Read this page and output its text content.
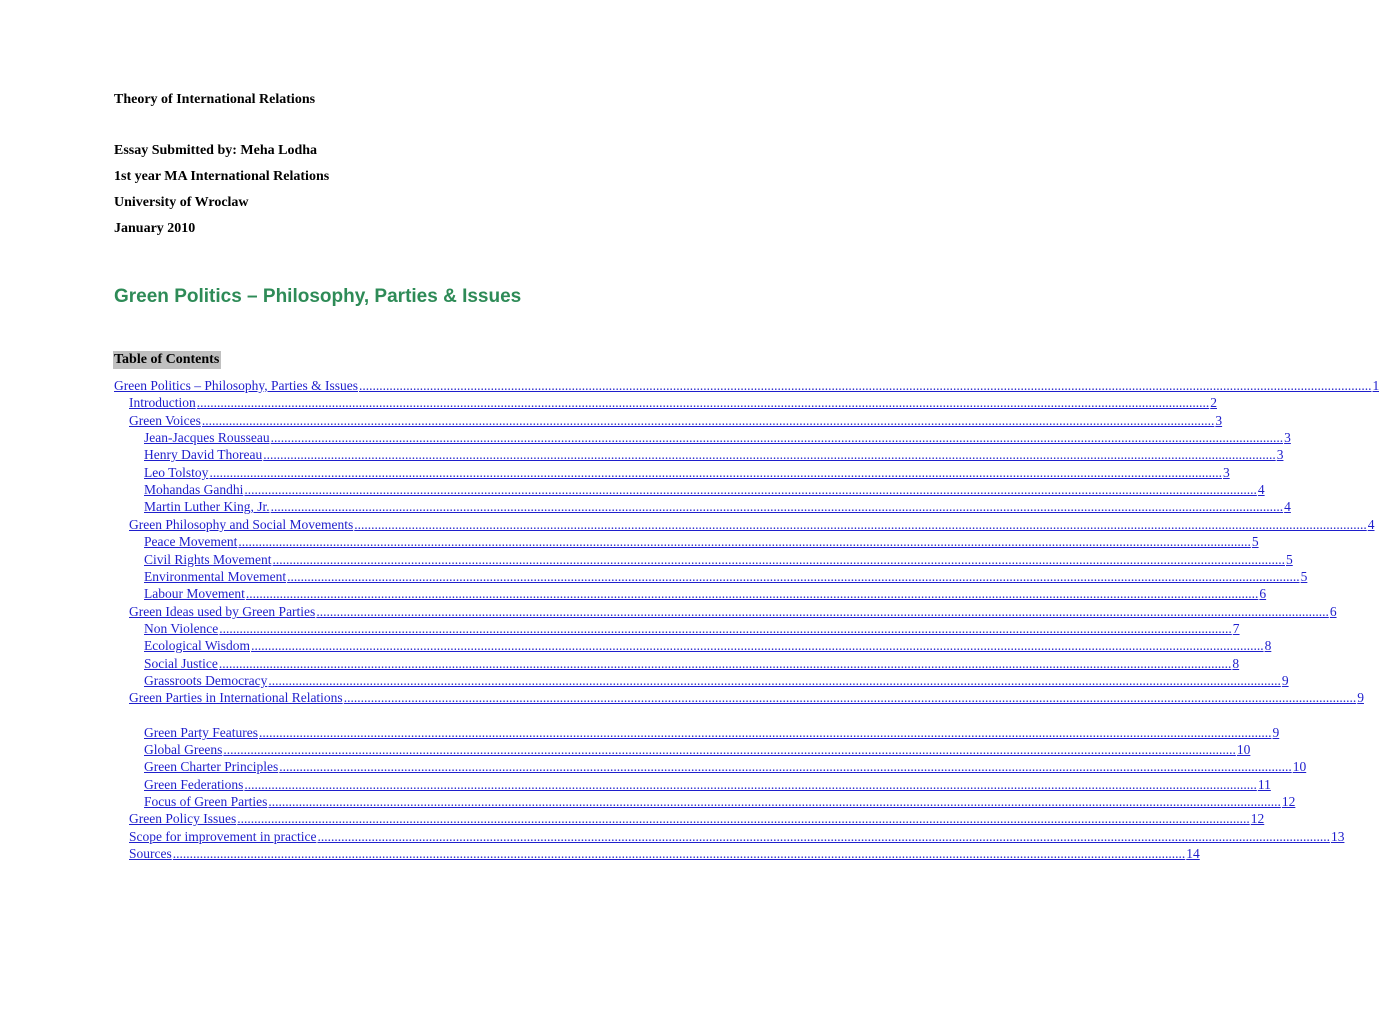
Theory of International Relations
Essay Submitted by: Meha Lodha
1st year MA International Relations
University of Wroclaw
January 2010
Green Politics – Philosophy, Parties & Issues
Table of Contents
Green Politics – Philosophy, Parties & Issues ............................................................................................................................................................................................................................................................................................................ 1
Introduction ............................................................................................................................................................................................................................................................................................................ 2
Green Voices ............................................................................................................................................................................................................................................................................................................ 3
Jean-Jacques Rousseau ............................................................................................................................................................................................................................................................................................................ 3
Henry David Thoreau ............................................................................................................................................................................................................................................................................................................ 3
Leo Tolstoy ............................................................................................................................................................................................................................................................................................................ 3
Mohandas Gandhi ............................................................................................................................................................................................................................................................................................................ 4
Martin Luther King, Jr. ............................................................................................................................................................................................................................................................................................................ 4
Green Philosophy and Social Movements ............................................................................................................................................................................................................................................................................................................ 4
Peace Movement ............................................................................................................................................................................................................................................................................................................ 5
Civil Rights Movement ............................................................................................................................................................................................................................................................................................................ 5
Environmental Movement ............................................................................................................................................................................................................................................................................................................ 5
Labour Movement ............................................................................................................................................................................................................................................................................................................ 6
Green Ideas used by Green Parties ............................................................................................................................................................................................................................................................................................................ 6
Non Violence ............................................................................................................................................................................................................................................................................................................ 7
Ecological Wisdom ............................................................................................................................................................................................................................................................................................................ 8
Social Justice ............................................................................................................................................................................................................................................................................................................ 8
Grassroots Democracy ............................................................................................................................................................................................................................................................................................................ 9
Green Parties in International Relations ............................................................................................................................................................................................................................................................................................................ 9
Green Party Features ............................................................................................................................................................................................................................................................................................................ 9
Global Greens ............................................................................................................................................................................................................................................................................................................ 10
Green Charter Principles ............................................................................................................................................................................................................................................................................................................ 10
Green Federations ............................................................................................................................................................................................................................................................................................................ 11
Focus of Green Parties ............................................................................................................................................................................................................................................................................................................ 12
Green Policy Issues ............................................................................................................................................................................................................................................................................................................ 12
Scope for improvement in practice ............................................................................................................................................................................................................................................................................................................ 13
Sources ............................................................................................................................................................................................................................................................................................................ 14
